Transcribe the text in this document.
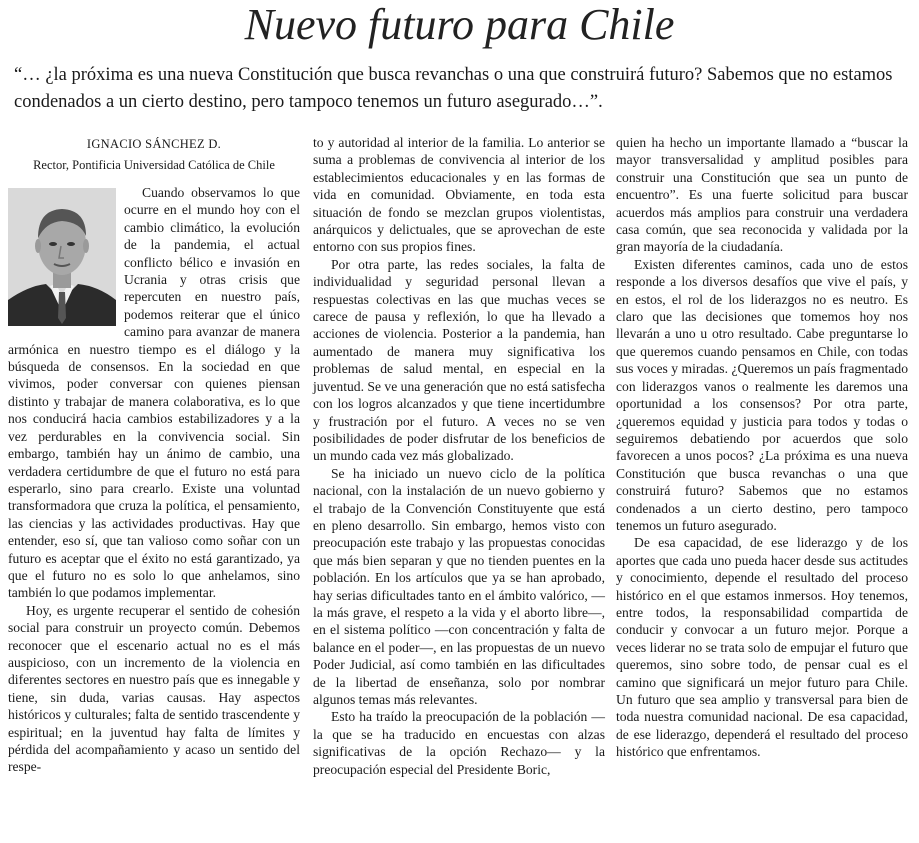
Nuevo futuro para Chile

“… ¿la próxima es una nueva Constitución que busca revanchas o una que construirá futuro? Sabemos que no estamos condenados a un cierto destino, pero tampoco tenemos un futuro asegurado…”.

IGNACIO SÁNCHEZ D.
Rector, Pontificia Universidad Católica de Chile

Cuando observamos lo que ocurre en el mundo hoy con el cambio climático, la evolución de la pandemia, el actual conflicto bélico e invasión en Ucrania y otras crisis que repercuten en nuestro país, podemos reiterar que el único camino para avanzar de manera armónica en nuestro tiempo es el diálogo y la búsqueda de consensos. En la sociedad en que vivimos, poder conversar con quienes piensan distinto y trabajar de manera colaborativa, es lo que nos conducirá hacia cambios estabilizadores y a la vez perdurables en la convivencia social. Sin embargo, también hay un ánimo de cambio, una verdadera certidumbre de que el futuro no está para esperarlo, sino para crearlo. Existe una voluntad transformadora que cruza la política, el pensamiento, las ciencias y las actividades productivas. Hay que entender, eso sí, que tan valioso como soñar con un futuro es aceptar que el éxito no está garantizado, ya que el futuro no es solo lo que anhelamos, sino también lo que podamos implementar.

Hoy, es urgente recuperar el sentido de cohesión social para construir un proyecto común. Debemos reconocer que el escenario actual no es el más auspicioso, con un incremento de la violencia en diferentes sectores en nuestro país que es innegable y tiene, sin duda, varias causas. Hay aspectos históricos y culturales; falta de sentido trascendente y espiritual; en la juventud hay falta de límites y pérdida del acompañamiento y acaso un sentido del respe-

to y autoridad al interior de la familia. Lo anterior se suma a problemas de convivencia al interior de los establecimientos educacionales y en las formas de vida en comunidad. Obviamente, en toda esta situación de fondo se mezclan grupos violentistas, anárquicos y delictuales, que se aprovechan de este entorno con sus propios fines.

Por otra parte, las redes sociales, la falta de individualidad y seguridad personal llevan a respuestas colectivas en las que muchas veces se carece de pausa y reflexión, lo que ha llevado a acciones de violencia. Posterior a la pandemia, han aumentado de manera muy significativa los problemas de salud mental, en especial en la juventud. Se ve una generación que no está satisfecha con los logros alcanzados y que tiene incertidumbre y frustración por el futuro. A veces no se ven posibilidades de poder disfrutar de los beneficios de un mundo cada vez más globalizado.

Se ha iniciado un nuevo ciclo de la política nacional, con la instalación de un nuevo gobierno y el trabajo de la Convención Constituyente que está en pleno desarrollo. Sin embargo, hemos visto con preocupación este trabajo y las propuestas conocidas que más bien separan y que no tienden puentes en la población. En los artículos que ya se han aprobado, hay serias dificultades tanto en el ámbito valórico, —la más grave, el respeto a la vida y el aborto libre—, en el sistema político —con concentración y falta de balance en el poder—, en las propuestas de un nuevo Poder Judicial, así como también en las dificultades de la libertad de enseñanza, solo por nombrar algunos temas más relevantes.

Esto ha traído la preocupación de la población —la que se ha traducido en encuestas con alzas significativas de la opción Rechazo— y la preocupación especial del Presidente Boric,

quien ha hecho un importante llamado a “buscar la mayor transversalidad y amplitud posibles para construir una Constitución que sea un punto de encuentro”. Es una fuerte solicitud para buscar acuerdos más amplios para construir una verdadera casa común, que sea reconocida y validada por la gran mayoría de la ciudadanía.

Existen diferentes caminos, cada uno de estos responde a los diversos desafíos que vive el país, y en estos, el rol de los liderazgos no es neutro. Es claro que las decisiones que tomemos hoy nos llevarán a uno u otro resultado. Cabe preguntarse lo que queremos cuando pensamos en Chile, con todas sus voces y miradas. ¿Queremos un país fragmentado con liderazgos vanos o realmente les daremos una oportunidad a los consensos? Por otra parte, ¿queremos equidad y justicia para todos y todas o seguiremos debatiendo por acuerdos que solo favorecen a unos pocos? ¿La próxima es una nueva Constitución que busca revanchas o una que construirá futuro? Sabemos que no estamos condenados a un cierto destino, pero tampoco tenemos un futuro asegurado.

De esa capacidad, de ese liderazgo y de los aportes que cada uno pueda hacer desde sus actitudes y conocimiento, depende el resultado del proceso histórico en el que estamos inmersos. Hoy tenemos, entre todos, la responsabilidad compartida de conducir y convocar a un futuro mejor. Porque a veces liderar no se trata solo de empujar el futuro que queremos, sino sobre todo, de pensar cual es el camino que significará un mejor futuro para Chile. Un futuro que sea amplio y transversal para bien de toda nuestra comunidad nacional. De esa capacidad, de ese liderazgo, dependerá el resultado del proceso histórico que enfrentamos.
